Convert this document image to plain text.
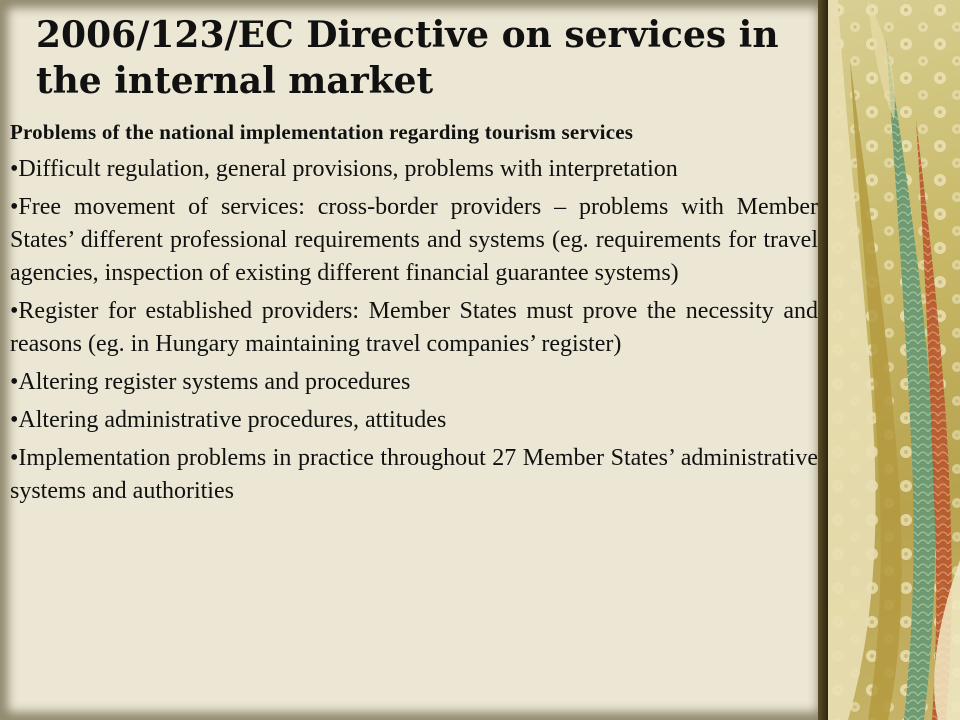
2006/123/EC Directive on services in the internal market

Problems of the national implementation regarding tourism services

•Difficult regulation, general provisions, problems with interpretation

•Free movement of services: cross-border providers – problems with Member States’ different professional requirements and systems (eg. requirements for travel agencies, inspection of existing different financial guarantee systems)

•Register for established providers: Member States must prove the necessity and reasons (eg. in Hungary maintaining travel companies’ register)

•Altering register systems and procedures

•Altering administrative procedures, attitudes

•Implementation problems in practice throughout 27 Member States’ administrative systems and authorities
